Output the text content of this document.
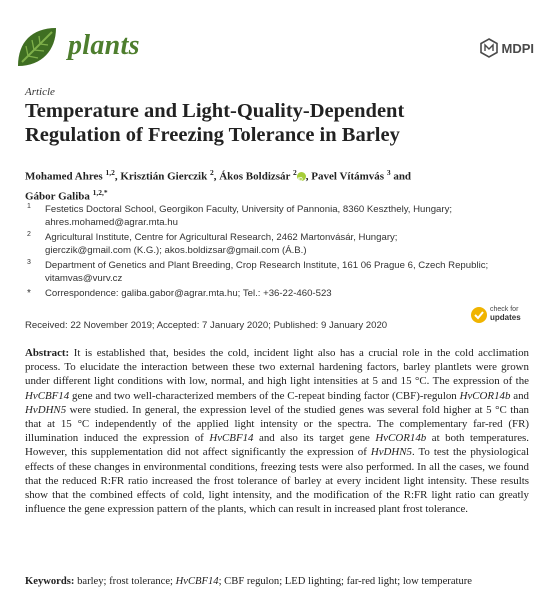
plants	MDPI
Article
Temperature and Light-Quality-Dependent Regulation of Freezing Tolerance in Barley
Mohamed Ahres $^{1,2}$, Krisztián Gierczik $^2$, Ákos Boldizsár $^2$iD , Pavel Vítámvás $^3$ and
Gábor Galiba $^{1,2,*}$
1 Festetics Doctoral School, Georgikon Faculty, University of Pannonia, 8360 Keszthely, Hungary;
ahres.mohamed@agrar.mta.hu
2 Agricultural Institute, Centre for Agricultural Research, 2462 Martonvásár, Hungary;
gierczik@gmail.com (K.G.); akos.boldizsar@gmail.com (Á.B.)
3 Department of Genetics and Plant Breeding, Crop Research Institute, 161 06 Prague 6, Czech Republic;
vitamvas@vurv.cz
* Correspondence: galiba.gabor@agrar.mta.hu; Tel.: +36-22-460-523
Received: 22 November 2019; Accepted: 7 January 2020; Published: 9 January 2020
check for
updates
Abstract: It is established that, besides the cold, incident light also has a crucial role in the cold acclimation process. To elucidate the interaction between these two external hardening factors, barley plantlets were grown under different light conditions with low, normal, and high light intensities at 5 and 15 °C. The expression of the HvCBF14 gene and two well-characterized members of the C-repeat binding factor (CBF)-regulon HvCOR14b and HvDHN5 were studied. In general, the expression level of the studied genes was several fold higher at 5 °C than that at 15 °C independently of the applied light intensity or the spectra. The complementary far-red (FR) illumination induced the expression of HvCBF14 and also its target gene HvCOR14b at both temperatures. However, this supplementation did not affect significantly the expression of HvDHN5. To test the physiological effects of these changes in environmental conditions, freezing tests were also performed. In all the cases, we found that the reduced R:FR ratio increased the frost tolerance of barley at every incident light intensity. These results show that the combined effects of cold, light intensity, and the modification of the R:FR light ratio can greatly influence the gene expression pattern of the plants, which can result in increased plant frost tolerance.
Keywords: barley; frost tolerance; HvCBF14; CBF regulon; LED lighting; far-red light; low temperature
